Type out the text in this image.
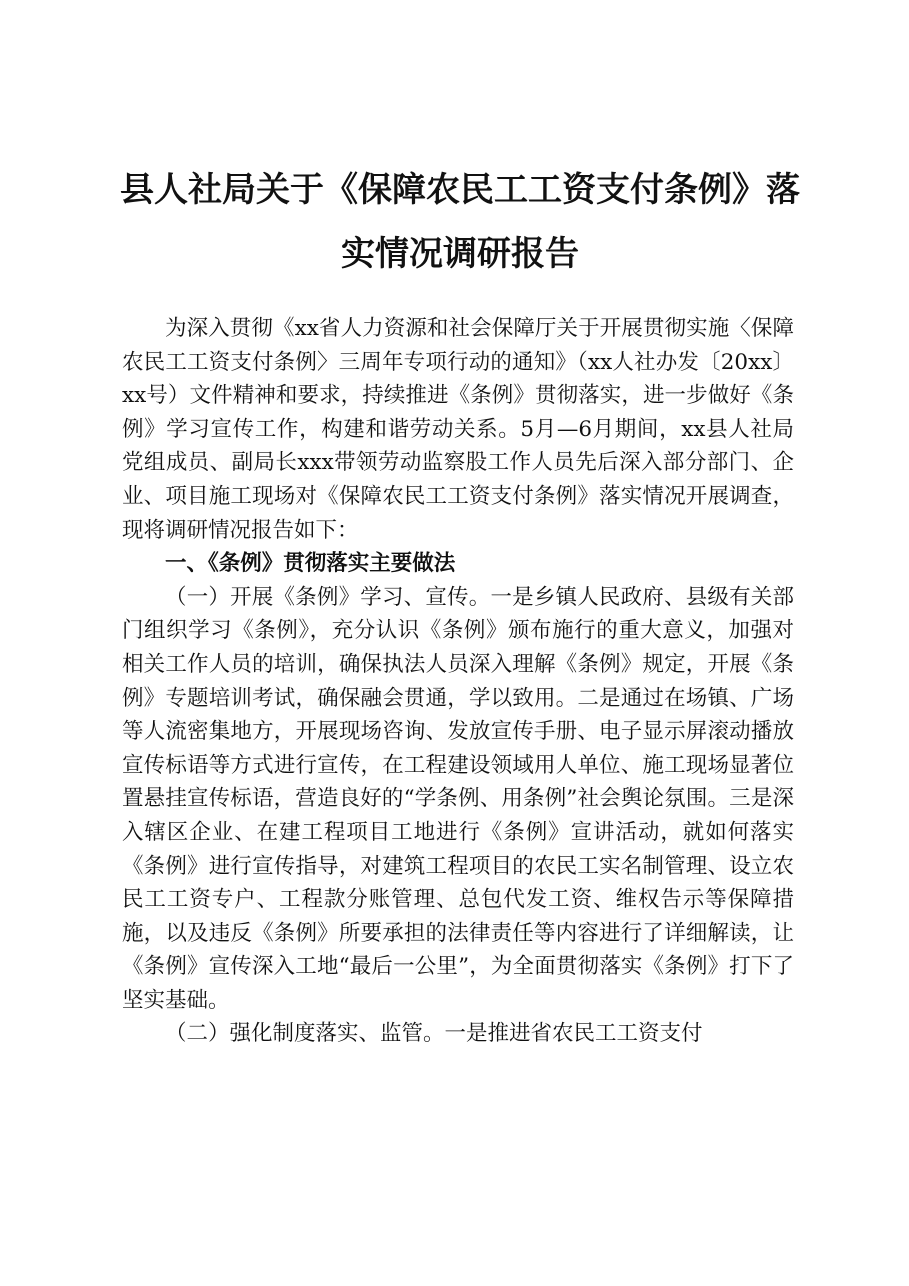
县人社局关于《保障农民工工资支付条例》落
实情况调研报告

为深入贯彻《xx省人力资源和社会保障厅关于开展贯彻实施〈保障农民工工资支付条例〉三周年专项行动的通知》（xx人社办发〔20xx〕xx号）文件精神和要求，持续推进《条例》贯彻落实，进一步做好《条例》学习宣传工作，构建和谐劳动关系。5月—6月期间，xx县人社局党组成员、副局长xxx带领劳动监察股工作人员先后深入部分部门、企业、项目施工现场对《保障农民工工资支付条例》落实情况开展调查，现将调研情况报告如下：

一、《条例》贯彻落实主要做法

（一）开展《条例》学习、宣传。一是乡镇人民政府、县级有关部门组织学习《条例》，充分认识《条例》颁布施行的重大意义，加强对相关工作人员的培训，确保执法人员深入理解《条例》规定，开展《条例》专题培训考试，确保融会贯通，学以致用。二是通过在场镇、广场等人流密集地方，开展现场咨询、发放宣传手册、电子显示屏滚动播放宣传标语等方式进行宣传，在工程建设领域用人单位、施工现场显著位置悬挂宣传标语，营造良好的“学条例、用条例”社会舆论氛围。三是深入辖区企业、在建工程项目工地进行《条例》宣讲活动，就如何落实《条例》进行宣传指导，对建筑工程项目的农民工实名制管理、设立农民工工资专户、工程款分账管理、总包代发工资、维权告示等保障措施，以及违反《条例》所要承担的法律责任等内容进行了详细解读，让《条例》宣传深入工地“最后一公里”，为全面贯彻落实《条例》打下了坚实基础。

（二）强化制度落实、监管。一是推进省农民工工资支付
